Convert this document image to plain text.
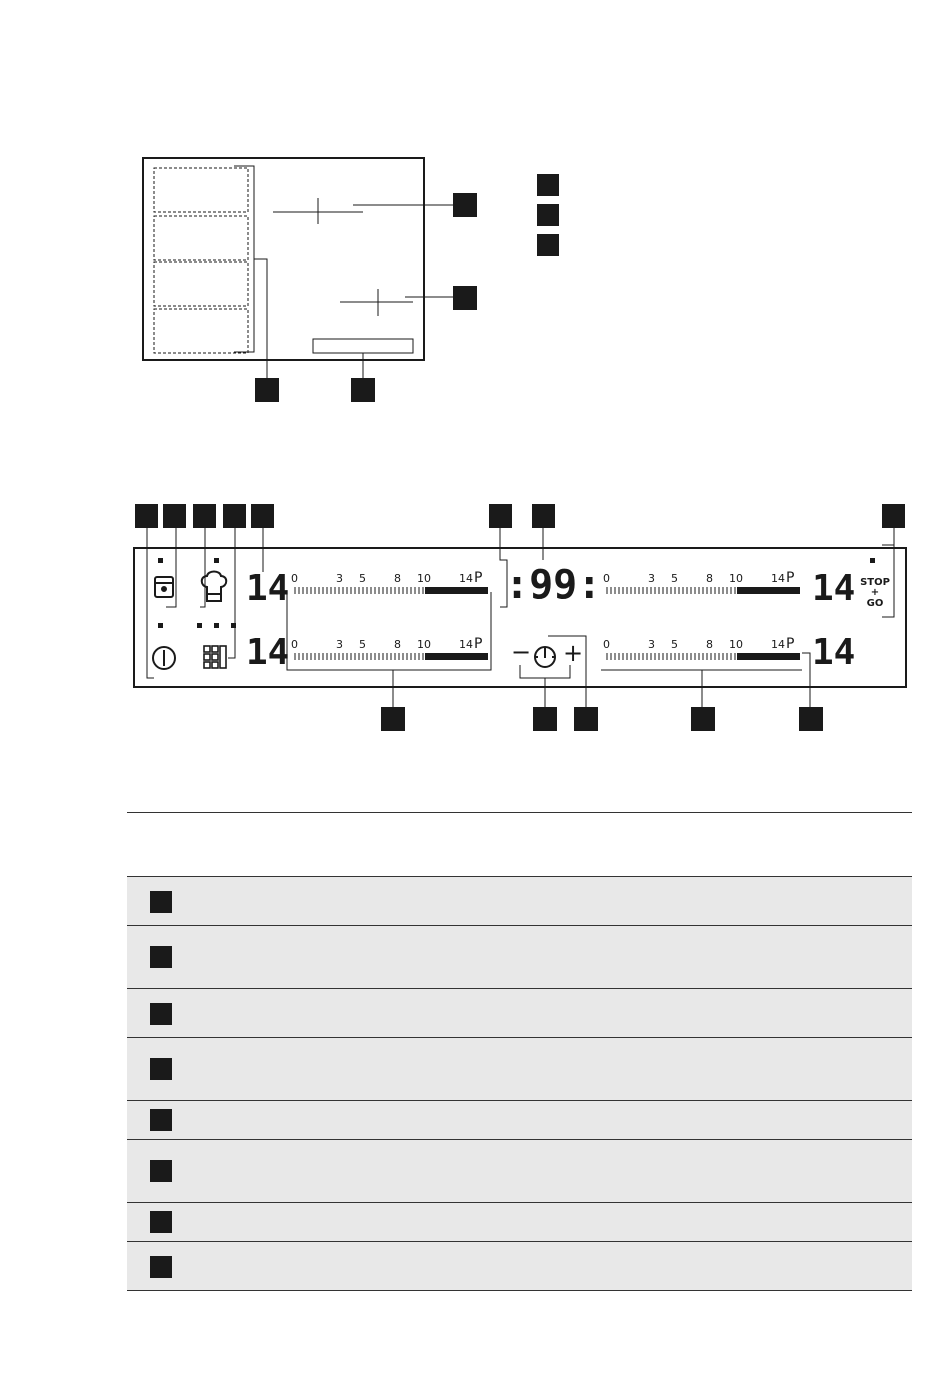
14
14
14
14
0	3 5	8 10	14 P	0	3 5	8 10	14 P
0	3 5	8 10	14 P	0	3 5	8 10	14 P
:99:
− +
STOP
+
GO
